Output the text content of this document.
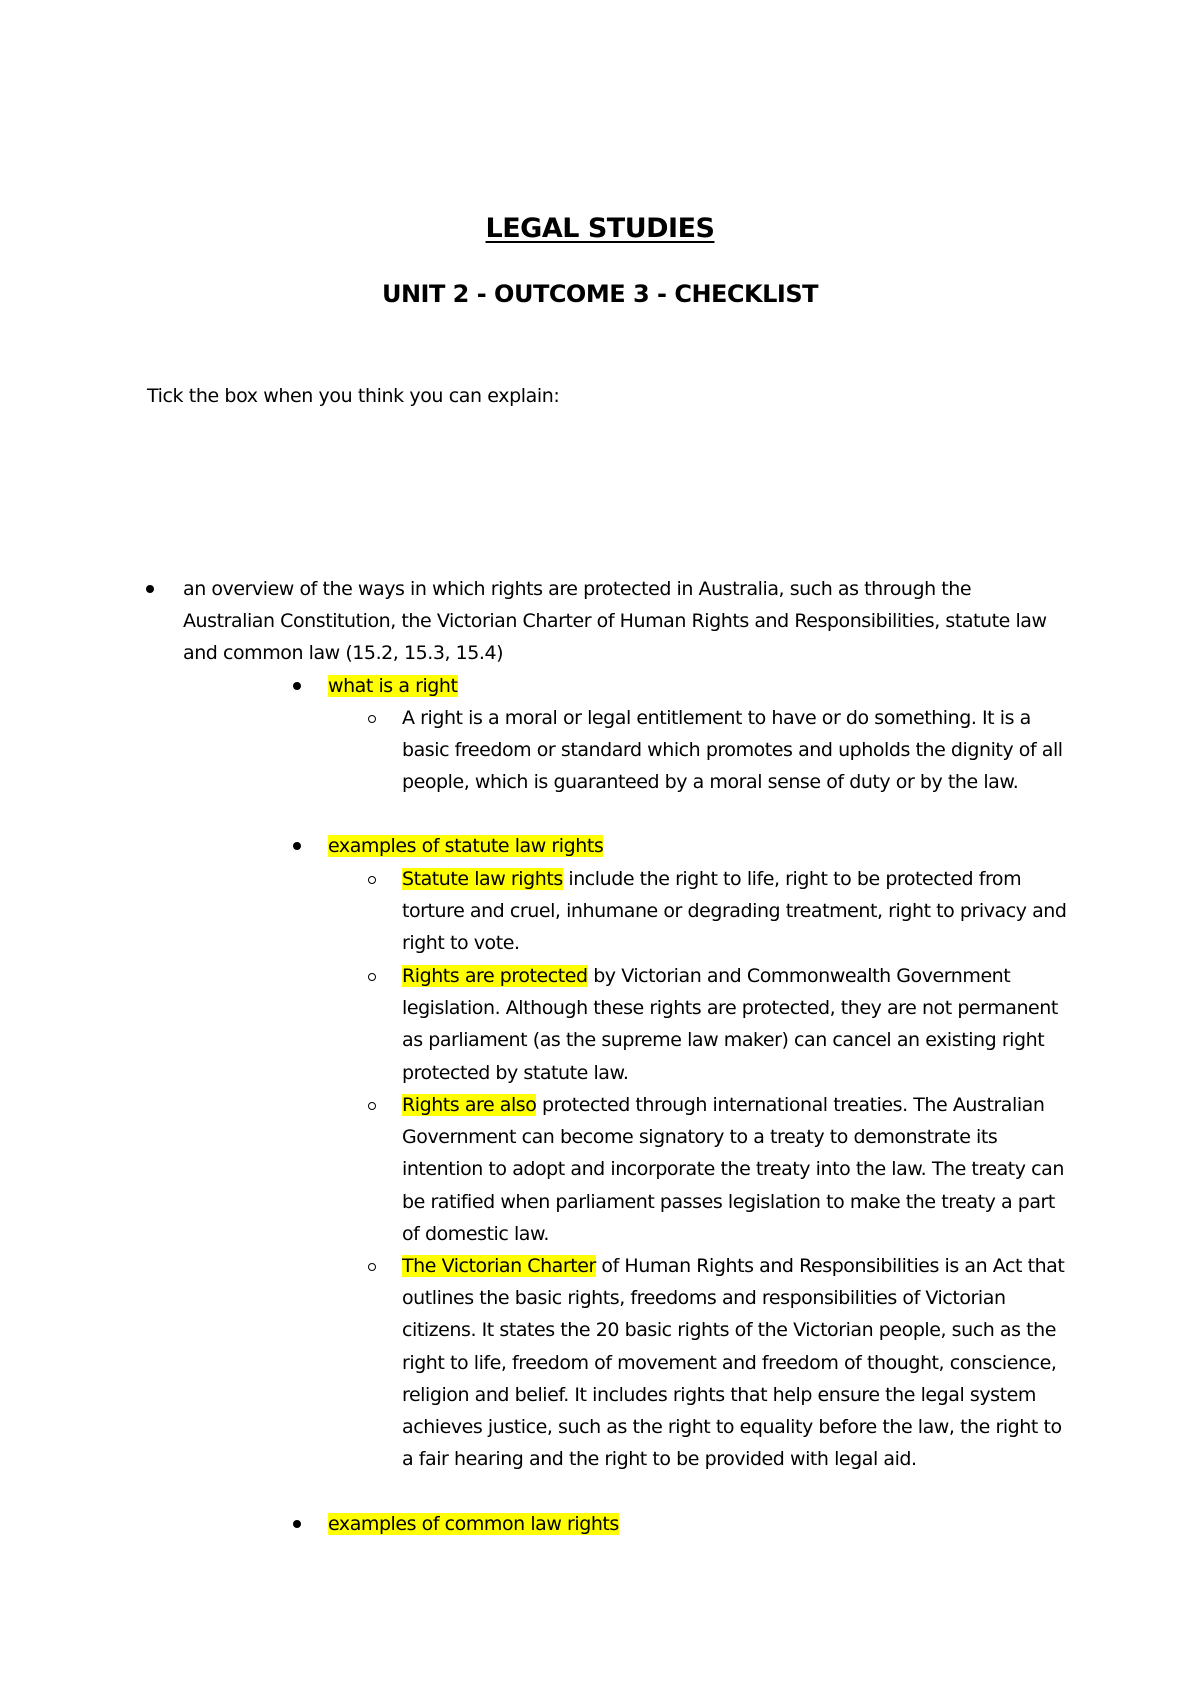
LEGAL STUDIES
UNIT 2 - OUTCOME 3 - CHECKLIST
Tick the box when you think you can explain:
an overview of the ways in which rights are protected in Australia, such as through the Australian Constitution, the Victorian Charter of Human Rights and Responsibilities, statute law and common law (15.2, 15.3, 15.4)
what is a right
A right is a moral or legal entitlement to have or do something. It is a basic freedom or standard which promotes and upholds the dignity of all people, which is guaranteed by a moral sense of duty or by the law.
examples of statute law rights
Statute law rights include the right to life, right to be protected from torture and cruel, inhumane or degrading treatment, right to privacy and right to vote.
Rights are protected by Victorian and Commonwealth Government legislation. Although these rights are protected, they are not permanent as parliament (as the supreme law maker) can cancel an existing right protected by statute law.
Rights are also protected through international treaties. The Australian Government can become signatory to a treaty to demonstrate its intention to adopt and incorporate the treaty into the law. The treaty can be ratified when parliament passes legislation to make the treaty a part of domestic law.
The Victorian Charter of Human Rights and Responsibilities is an Act that outlines the basic rights, freedoms and responsibilities of Victorian citizens. It states the 20 basic rights of the Victorian people, such as the right to life, freedom of movement and freedom of thought, conscience, religion and belief. It includes rights that help ensure the legal system achieves justice, such as the right to equality before the law, the right to a fair hearing and the right to be provided with legal aid.
examples of common law rights
